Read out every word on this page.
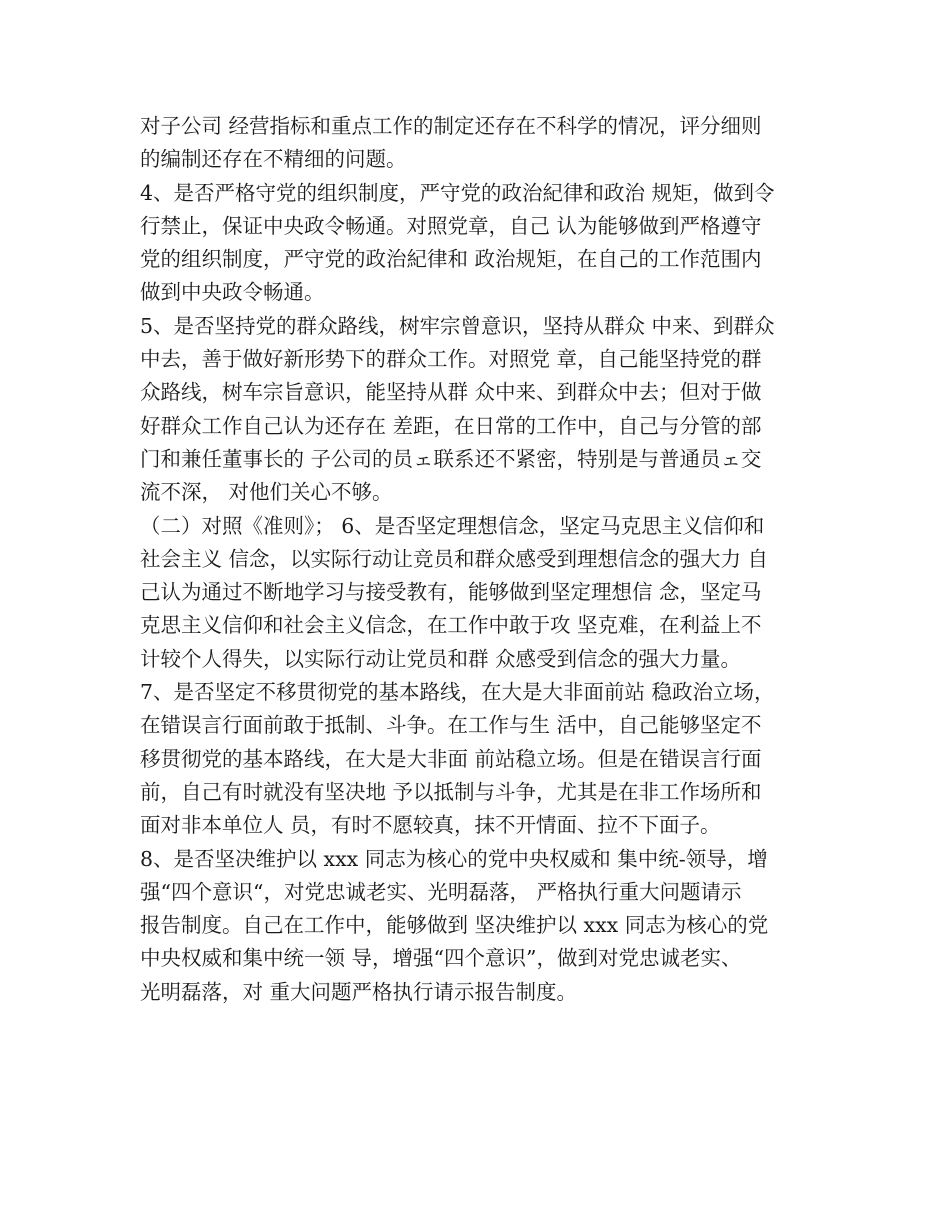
对子公司 经营指标和重点工作的制定还存在不科学的情况，评分细则
的编制还存在不精细的问题。
4、是否严格守党的组织制度，严守党的政治紀律和政治 规矩，做到令
行禁止，保证中央政令畅通。对照党章，自己 认为能够做到严格遵守
党的组织制度，严守党的政治紀律和 政治规矩，在自己的工作范围内
做到中央政令畅通。
5、是否坚持党的群众路线，树牢宗曾意识，坚持从群众 中来、到群众
中去，善于做好新形势下的群众工作。对照党 章，自己能坚持党的群
众路线，树车宗旨意识，能坚持从群 众中来、到群众中去；但对于做
好群众工作自己认为还存在 差距，在日常的工作中，自己与分管的部
门和兼任董事长的 子公司的员ェ联系还不紧密，特别是与普通员ェ交
流不深， 对他们关心不够。
（二）对照《准则》； 6、是否坚定理想信念，坚定马克思主义信仰和
社会主义 信念，以实际行动让竞员和群众感受到理想信念的强大力 自
己认为通过不断地学习与接受教有，能够做到坚定理想信 念，坚定马
克思主义信仰和社会主义信念，在工作中敢于攻 坚克难，在利益上不
计较个人得失，以实际行动让党员和群 众感受到信念的强大力量。
7、是否坚定不移贯彻党的基本路线，在大是大非面前站 稳政治立场，
在错误言行面前敢于抵制、斗争。在工作与生 活中，自己能够坚定不
移贯彻党的基本路线，在大是大非面 前站稳立场。但是在错误言行面
前，自己有时就没有坚决地 予以抵制与斗争，尤其是在非工作场所和
面对非本单位人 员，有时不愿较真，抹不开情面、拉不下面子。
8、是否坚决维护以 xxx 同志为核心的党中央权威和 集中统-领导，增
强“四个意识“，对党忠诚老实、光明磊落， 严格执行重大问题请示
报告制度。自己在工作中，能够做到 坚决维护以 xxx 同志为核心的党
中央权威和集中统一领 导，增强“四个意识”，做到对党忠诚老实、
光明磊落，对 重大问题严格执行请示报告制度。
